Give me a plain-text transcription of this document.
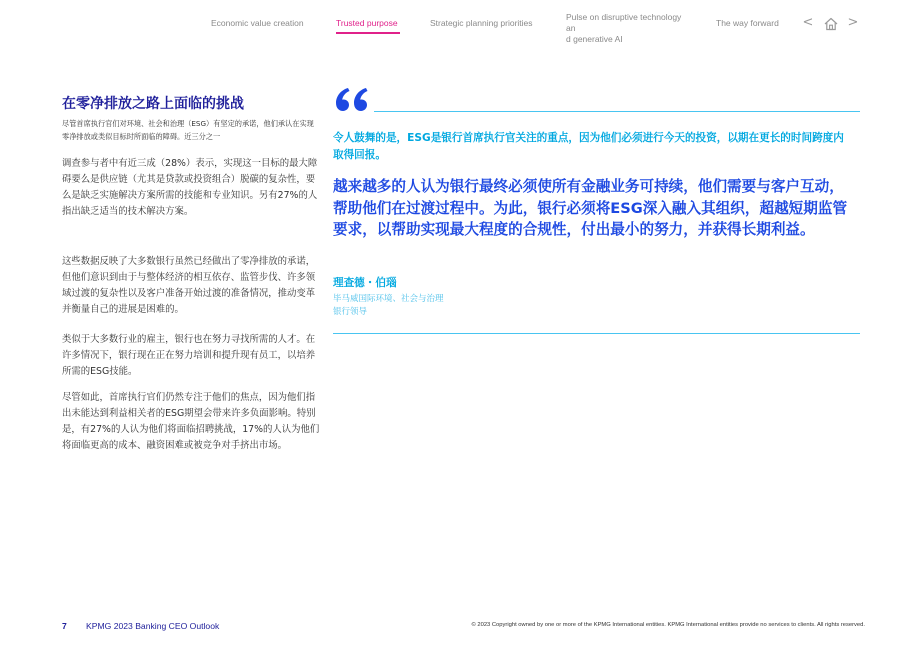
Economic value creation	Trusted purpose	Strategic planning priorities
Pulse on disruptive technology an
d generative AI
The way forward <	>
在零净排放之路上面临的挑战

尽管首席执行官们对环境、社会和治理（ESG）有坚定的承诺，他们承认在实现零净排放或类似目标时所面临的障碍。近三分之一

调查参与者中有近三成（28%）表示，实现这一目标的最大障碍要么是供应链（尤其是贷款或投资组合）脱碳的复杂性，要么是缺乏实施解决方案所需的技能和专业知识。另有27%的人指出缺乏适当的技术解决方案。

这些数据反映了大多数银行虽然已经做出了零净排放的承诺，但他们意识到由于与整体经济的相互依存、监管步伐、许多领域过渡的复杂性以及客户准备开始过渡的准备情况，推动变革并衡量自己的进展是困难的。

类似于大多数行业的雇主，银行也在努力寻找所需的人才。在许多情况下，银行现在正在努力培训和提升现有员工，以培养所需的ESG技能。

尽管如此，首席执行官们仍然专注于他们的焦点，因为他们指出未能达到利益相关者的ESG期望会带来许多负面影响。特别是，有27%的人认为他们将面临招聘挑战，17%的人认为他们将面临更高的成本、融资困难或被竞争对手挤出市场。

令人鼓舞的是，ESG是银行首席执行官关注的重点，因为他们必须进行今天的投资，以期在更长的时间跨度内取得回报。

越来越多的人认为银行最终必须使所有金融业务可持续，他们需要与客户互动，帮助他们在过渡过程中。为此，银行必须将ESG深入融入其组织，超越短期监管要求，以帮助实现最大程度的合规性，付出最小的努力，并获得长期利益。

理查德・伯瑙

毕马威国际环境、社会与治理

银行领导

7 KPMG 2023 Banking CEO Outlook	© 2023 Copyright owned by one or more of the KPMG International entities. KPMG International entities provide no services to clients. All rights reserved.
